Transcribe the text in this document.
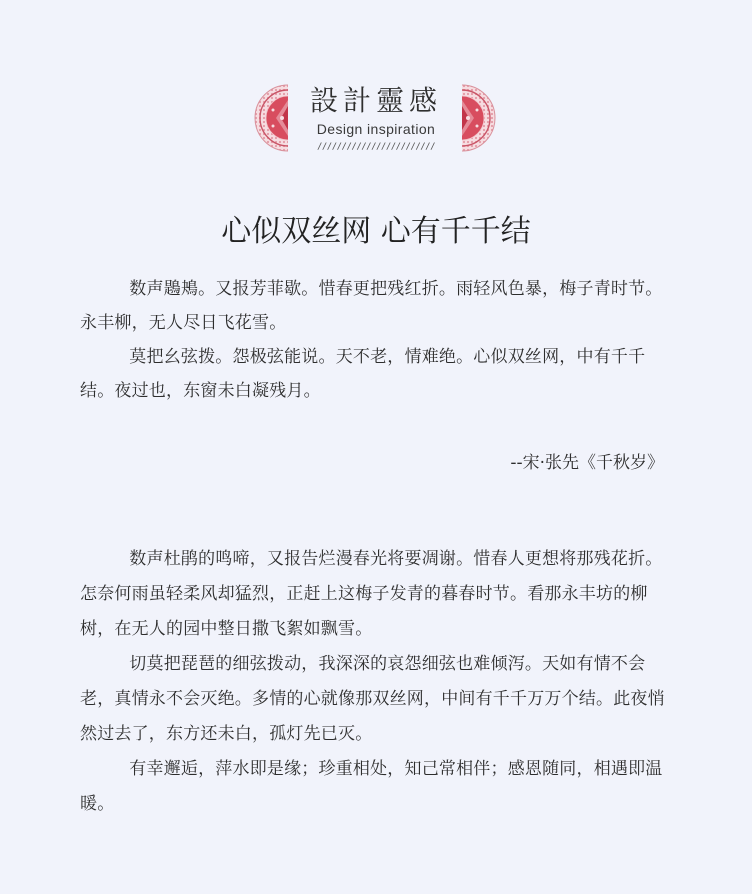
設計靈感
Design inspiration
////////////////////////
心似双丝网 心有千千结

数声鶗鴂。又报芳菲歇。惜春更把残红折。雨轻风色暴，梅子青时节。永丰柳，无人尽日飞花雪。

莫把幺弦拨。怨极弦能说。天不老，情难绝。心似双丝网，中有千千结。夜过也，东窗未白凝残月。

--宋·张先《千秋岁》

数声杜鹃的鸣啼，又报告烂漫春光将要凋谢。惜春人更想将那残花折。怎奈何雨虽轻柔风却猛烈，正赶上这梅子发青的暮春时节。看那永丰坊的柳树，在无人的园中整日撒飞絮如飘雪。

切莫把琵琶的细弦拨动，我深深的哀怨细弦也难倾泻。天如有情不会老，真情永不会灭绝。多情的心就像那双丝网，中间有千千万万个结。此夜悄然过去了，东方还未白，孤灯先已灭。

有幸邂逅，萍水即是缘；珍重相处，知己常相伴；感恩随同，相遇即温暖。
